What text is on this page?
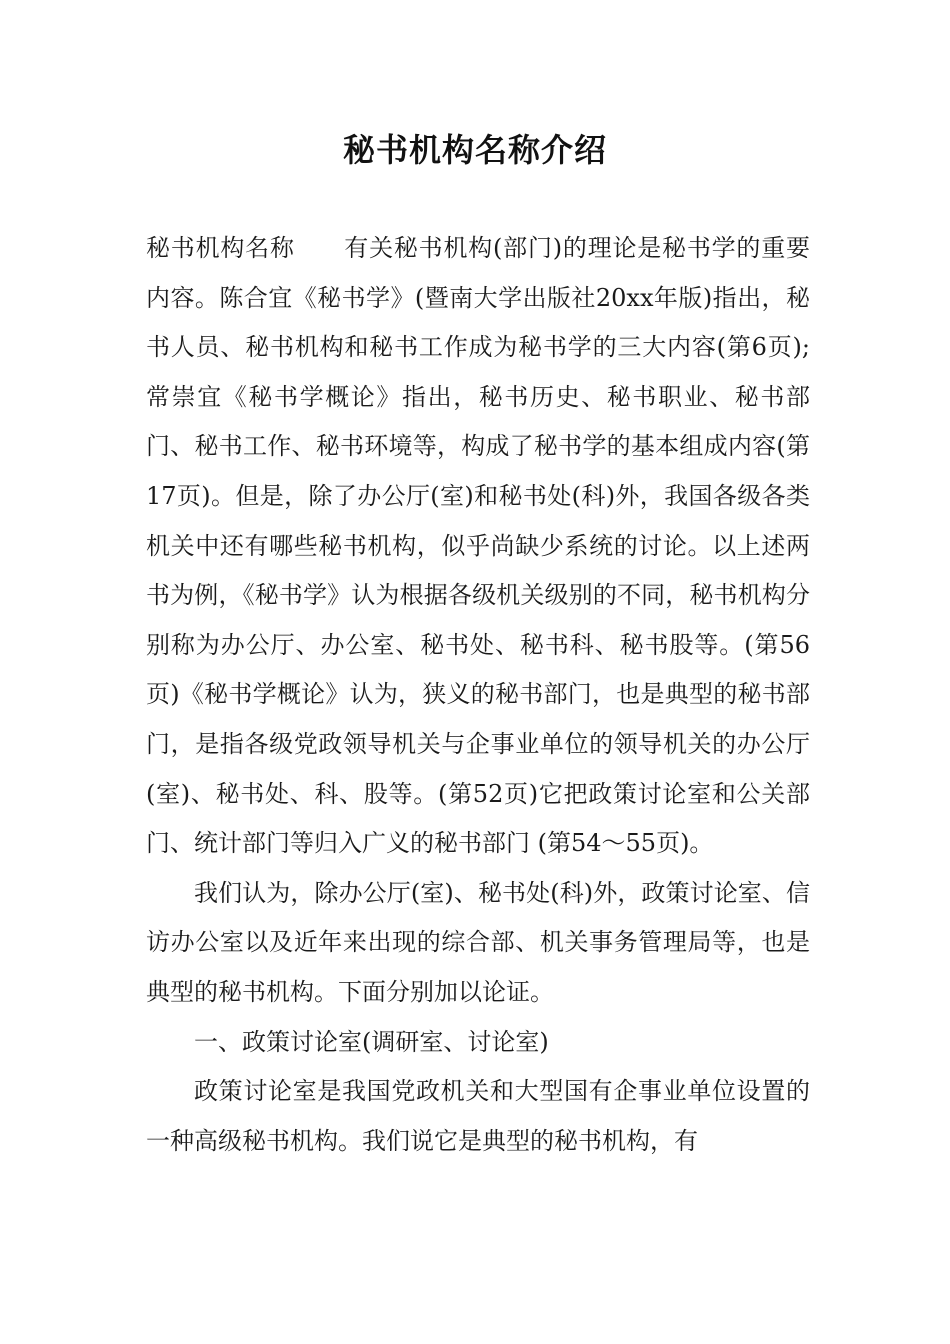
秘书机构名称介绍

秘书机构名称　　有关秘书机构(部门)的理论是秘书学的重要内容。陈合宜《秘书学》(暨南大学出版社20xx年版)指出，秘书人员、秘书机构和秘书工作成为秘书学的三大内容(第6页);常崇宜《秘书学概论》指出，秘书历史、秘书职业、秘书部门、秘书工作、秘书环境等，构成了秘书学的基本组成内容(第17页)。但是，除了办公厅(室)和秘书处(科)外，我国各级各类机关中还有哪些秘书机构，似乎尚缺少系统的讨论。以上述两书为例，《秘书学》认为根据各级机关级别的不同，秘书机构分别称为办公厅、办公室、秘书处、秘书科、秘书股等。(第56页)《秘书学概论》认为，狭义的秘书部门，也是典型的秘书部门，是指各级党政领导机关与企事业单位的领导机关的办公厅(室)、秘书处、科、股等。(第52页)它把政策讨论室和公关部门、统计部门等归入广义的秘书部门 (第54～55页)。

我们认为，除办公厅(室)、秘书处(科)外，政策讨论室、信访办公室以及近年来出现的综合部、机关事务管理局等，也是典型的秘书机构。下面分别加以论证。

一、政策讨论室(调研室、讨论室)

政策讨论室是我国党政机关和大型国有企事业单位设置的一种高级秘书机构。我们说它是典型的秘书机构，有
